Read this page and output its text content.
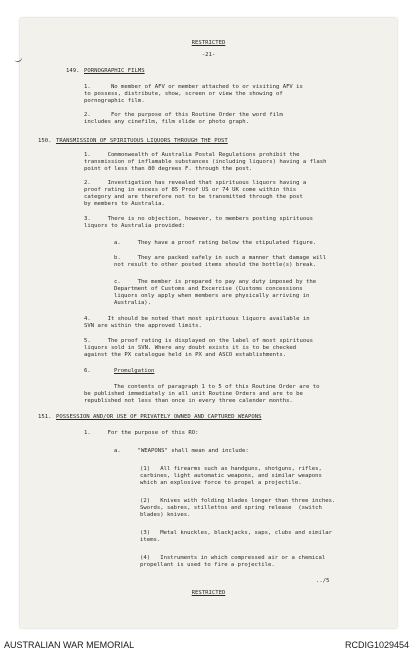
RESTRICTED
-21-
149. PORNOGRAPHIC FILMS
1.      No member of AFV or member attached to or visiting AFV is
to possess, distribute, show, screen or view the showing of
pornographic film.
2.      For the purpose of this Routine Order the word film
includes any cinefilm, film slide or photo graph.
150. TRANSMISSION OF SPIRITUOUS LIQUORS THROUGH THE POST
1.     Commonwealth of Australia Postal Regulations prohibit the
transmission of inflamable substances (including liquors) having a flash
point of less than 80 degrees F. through the post.
2.     Investigation has revealed that spirituous liquors having a
proof rating in excess of 85 Proof US or 74 UK come within this
category and are therefore not to be transmitted through the post
by members to Australia.
3.     There is no objection, however, to members posting spirituous
liquors to Australia provided:
a.     They have a proof rating below the stipulated figure.
b.     They are packed safely in such a manner that damage will
not result to other posted items should the bottle(s) break.
c.     The member is prepared to pay any duty imposed by the
Department of Customs and Excercise (Customs concessions
liquors only apply when members are physically arriving in
Australia).
4.     It should be noted that most spirituous liquors available in
SVN are within the approved limits.
5.     The proof rating is displayed on the label of most spirituous
liquors sold in SVN. Where any doubt exists it is to be checked
against the PX catalogue held in PX and ASCO establishments.
6.	Promulgation
The contents of paragraph 1 to 5 of this Routine Order are to
be published immediately in all unit Routine Orders and are to be
republished not less than once in every three calender months.
151. POSSESSION AND/OR USE OF PRIVATELY OWNED AND CAPTURED WEAPONS
1.     For the purpose of this RO:
a.     "WEAPONS" shall mean and include:
(1)   All firearms such as handguns, shotguns, rifles,
carbines, light automatic weapons, and similar weapons
which an explosive force to propel a projectile.
(2)   Knives with folding blades longer than three inches.
Swords, sabres, stillettos and spring release  (switch
blades) knives.
(3)   Metal knuckles, blackjacks, saps, clubs and similar
items.
(4)   Instruments in which compressed air or a chemical
propellant is used to fire a projectile.
../5
RESTRICTED
AUSTRALIAN WAR MEMORIAL	RCDIG1029454
